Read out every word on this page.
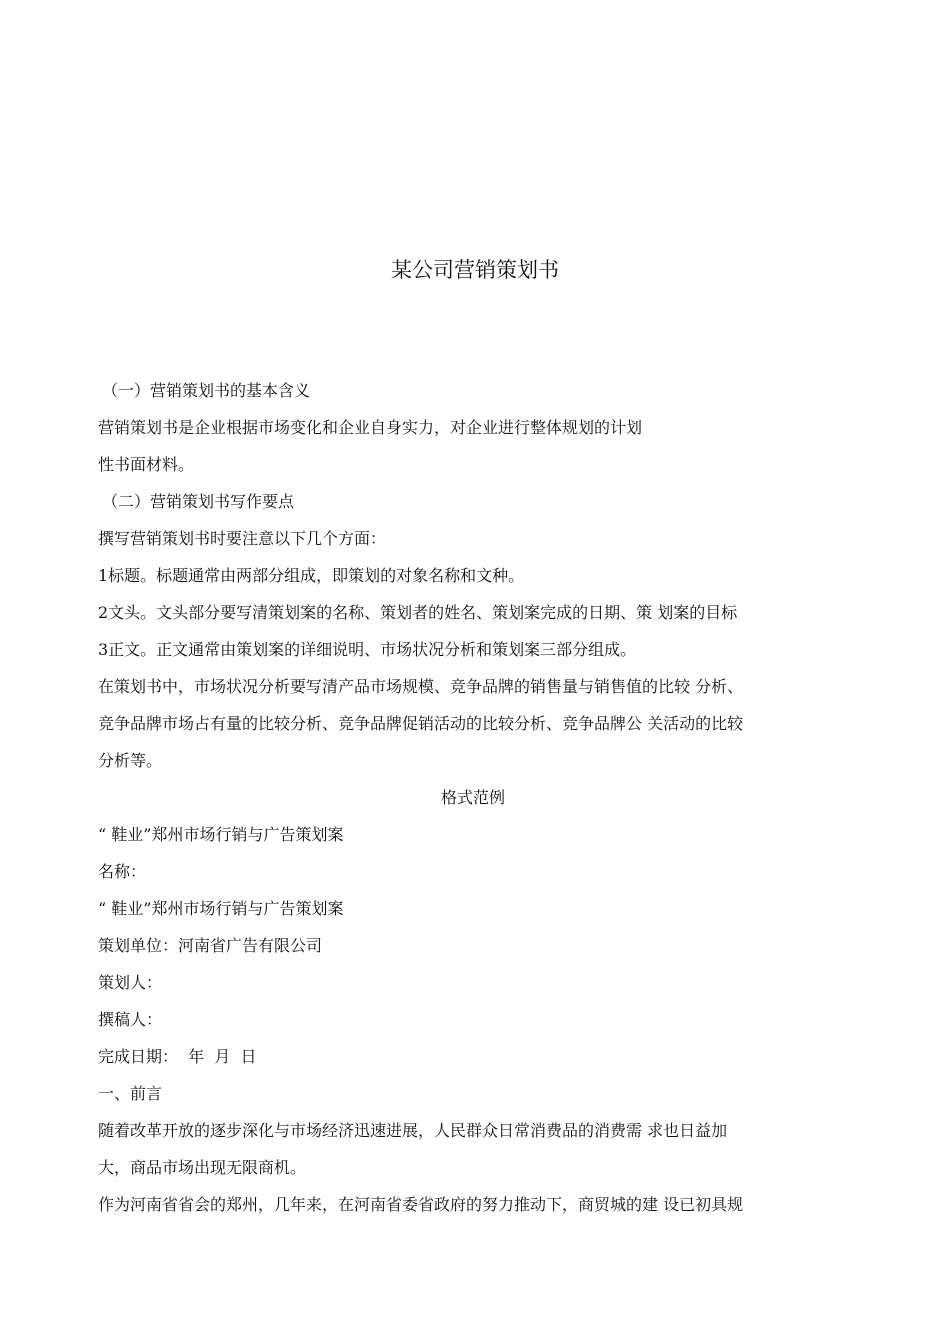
某公司营销策划书
（一）营销策划书的基本含义
营销策划书是企业根据市场变化和企业自身实力，对企业进行整体规划的计划
性书面材料。
（二）营销策划书写作要点
撰写营销策划书时要注意以下几个方面：
1标题。标题通常由两部分组成，即策划的对象名称和文种。
2文头。文头部分要写清策划案的名称、策划者的姓名、策划案完成的日期、策 划案的目标
3正文。正文通常由策划案的详细说明、市场状况分析和策划案三部分组成。
在策划书中，市场状况分析要写清产品市场规模、竞争品牌的销售量与销售值的比较 分析、
竞争品牌市场占有量的比较分析、竞争品牌促销活动的比较分析、竞争品牌公 关活动的比较
分析等。
格式范例
“ 鞋业”郑州市场行销与广告策划案
名称：
“ 鞋业”郑州市场行销与广告策划案
策划单位：河南省广告有限公司
策划人：
撰稿人：
完成日期：  年  月  日
一、前言
随着改革开放的逐步深化与市场经济迅速进展，人民群众日常消费品的消费需 求也日益加
大，商品市场出现无限商机。
作为河南省省会的郑州，几年来，在河南省委省政府的努力推动下，商贸城的建 设已初具规
